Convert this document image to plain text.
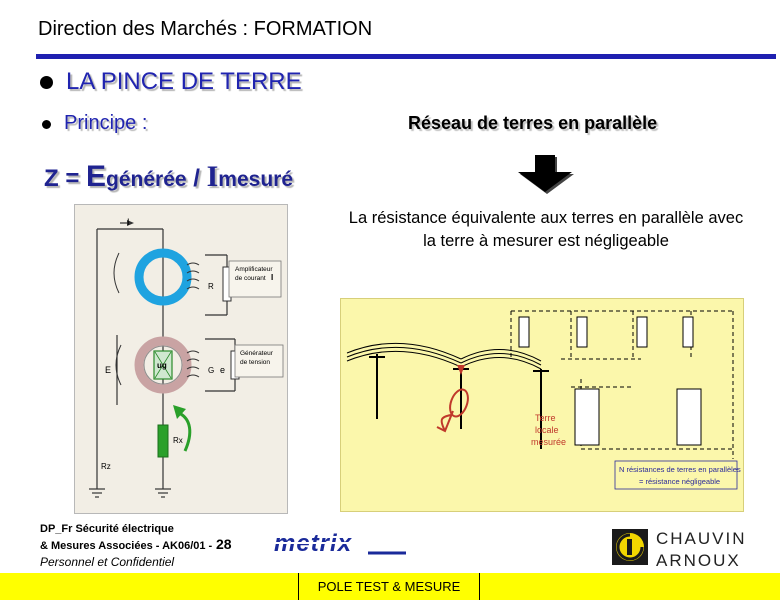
Direction des Marchés : FORMATION
LA PINCE DE TERRE
Principe :	Réseau de terres en parallèle
Z = Egénérée / Imesuré
La résistance équivalente aux terres en parallèle avec la terre à mesurer est négligeable
I
Amplificateur
de courant I
R
Générateur
de tension
ug
G
E	e
Rx
Rz
Terre
locale
mesurée
N résistances de terres en parallèles
= résistance négligeable
DP_Fr Sécurité électrique
& Mesures Associées - AK06/01 - 28
Personnel et Confidentiel
metrix	CHAUVIN
ARNOUX
POLE TEST & MESURE
